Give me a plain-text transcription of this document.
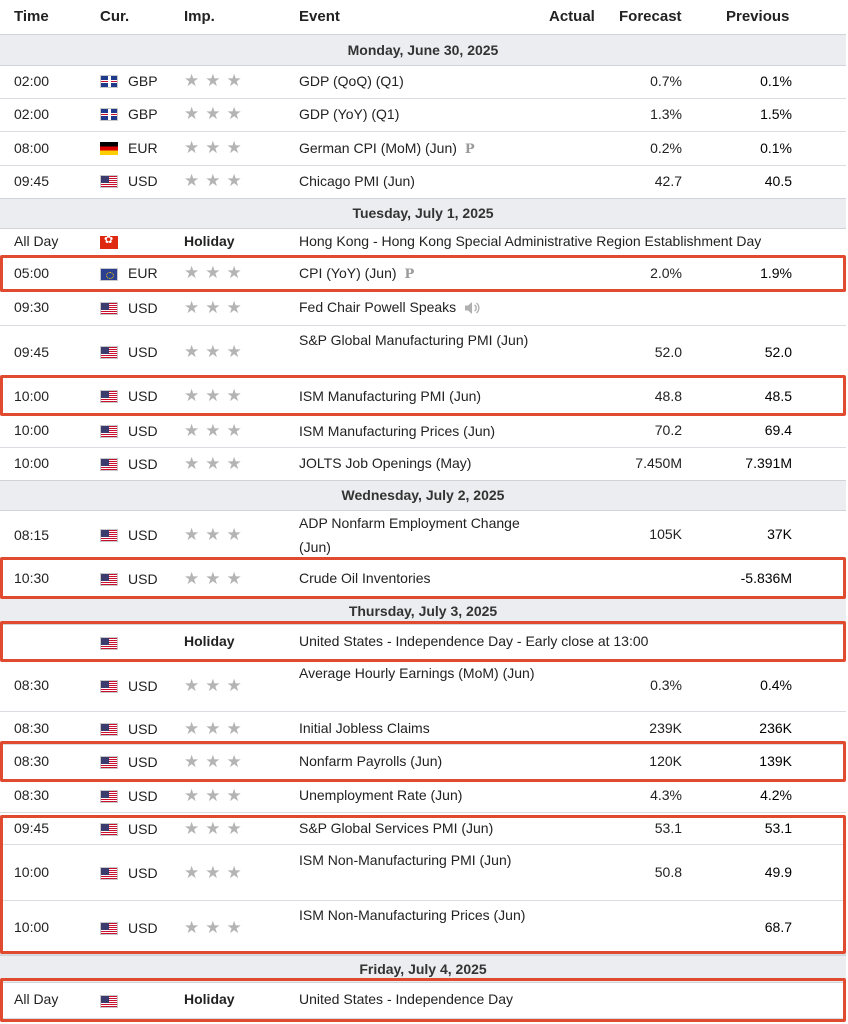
Time	Cur.	Imp.	Event	Actual Forecast	Previous
Monday, June 30, 2025
02:00	GBP ★ ★ ★	GDP (QoQ) (Q1)	0.7%	0.1%
02:00	GBP ★ ★ ★	GDP (YoY) (Q1)	1.3%	1.5%
08:00	EUR ★ ★ ★	German CPI (MoM) (Jun) P	0.2%	0.1%
09:45	USD ★ ★ ★	Chicago PMI (Jun)	42.7	40.5
Tuesday, July 1, 2025
All Day
✿	Holiday	Hong Kong - Hong Kong Special Administrative Region Establishment Day
05:00	EUR ★ ★ ★	CPI (YoY) (Jun) P	2.0%	1.9%
09:30	USD ★ ★ ★	Fed Chair Powell Speaks
09:45	USD ★ ★ ★
S&P Global Manufacturing PMI (Jun)
52.0	52.0
10:00	USD ★ ★ ★	ISM Manufacturing PMI (Jun)	48.8	48.5
10:00	USD ★ ★ ★	ISM Manufacturing Prices (Jun)	70.2	69.4
10:00	USD ★ ★ ★	JOLTS Job Openings (May)	7.450M	7.391M
Wednesday, July 2, 2025
08:15	USD ★ ★ ★
ADP Nonfarm Employment Change (Jun)
105K	37K
10:30	USD ★ ★ ★	Crude Oil Inventories	-5.836M
Thursday, July 3, 2025
Holiday	United States - Independence Day - Early close at 13:00
08:30	USD ★ ★ ★
Average Hourly Earnings (MoM) (Jun)
0.3%	0.4%
08:30	USD ★ ★ ★	Initial Jobless Claims	239K	236K
08:30	USD ★ ★ ★	Nonfarm Payrolls (Jun)	120K	139K
08:30	USD ★ ★ ★	Unemployment Rate (Jun)	4.3%	4.2%
09:45	USD ★ ★ ★	S&P Global Services PMI (Jun)	53.1	53.1
10:00	USD ★ ★ ★
ISM Non-Manufacturing PMI (Jun)
50.8	49.9
10:00	USD ★ ★ ★
ISM Non-Manufacturing Prices (Jun)
68.7
Friday, July 4, 2025
All Day	Holiday	United States - Independence Day
